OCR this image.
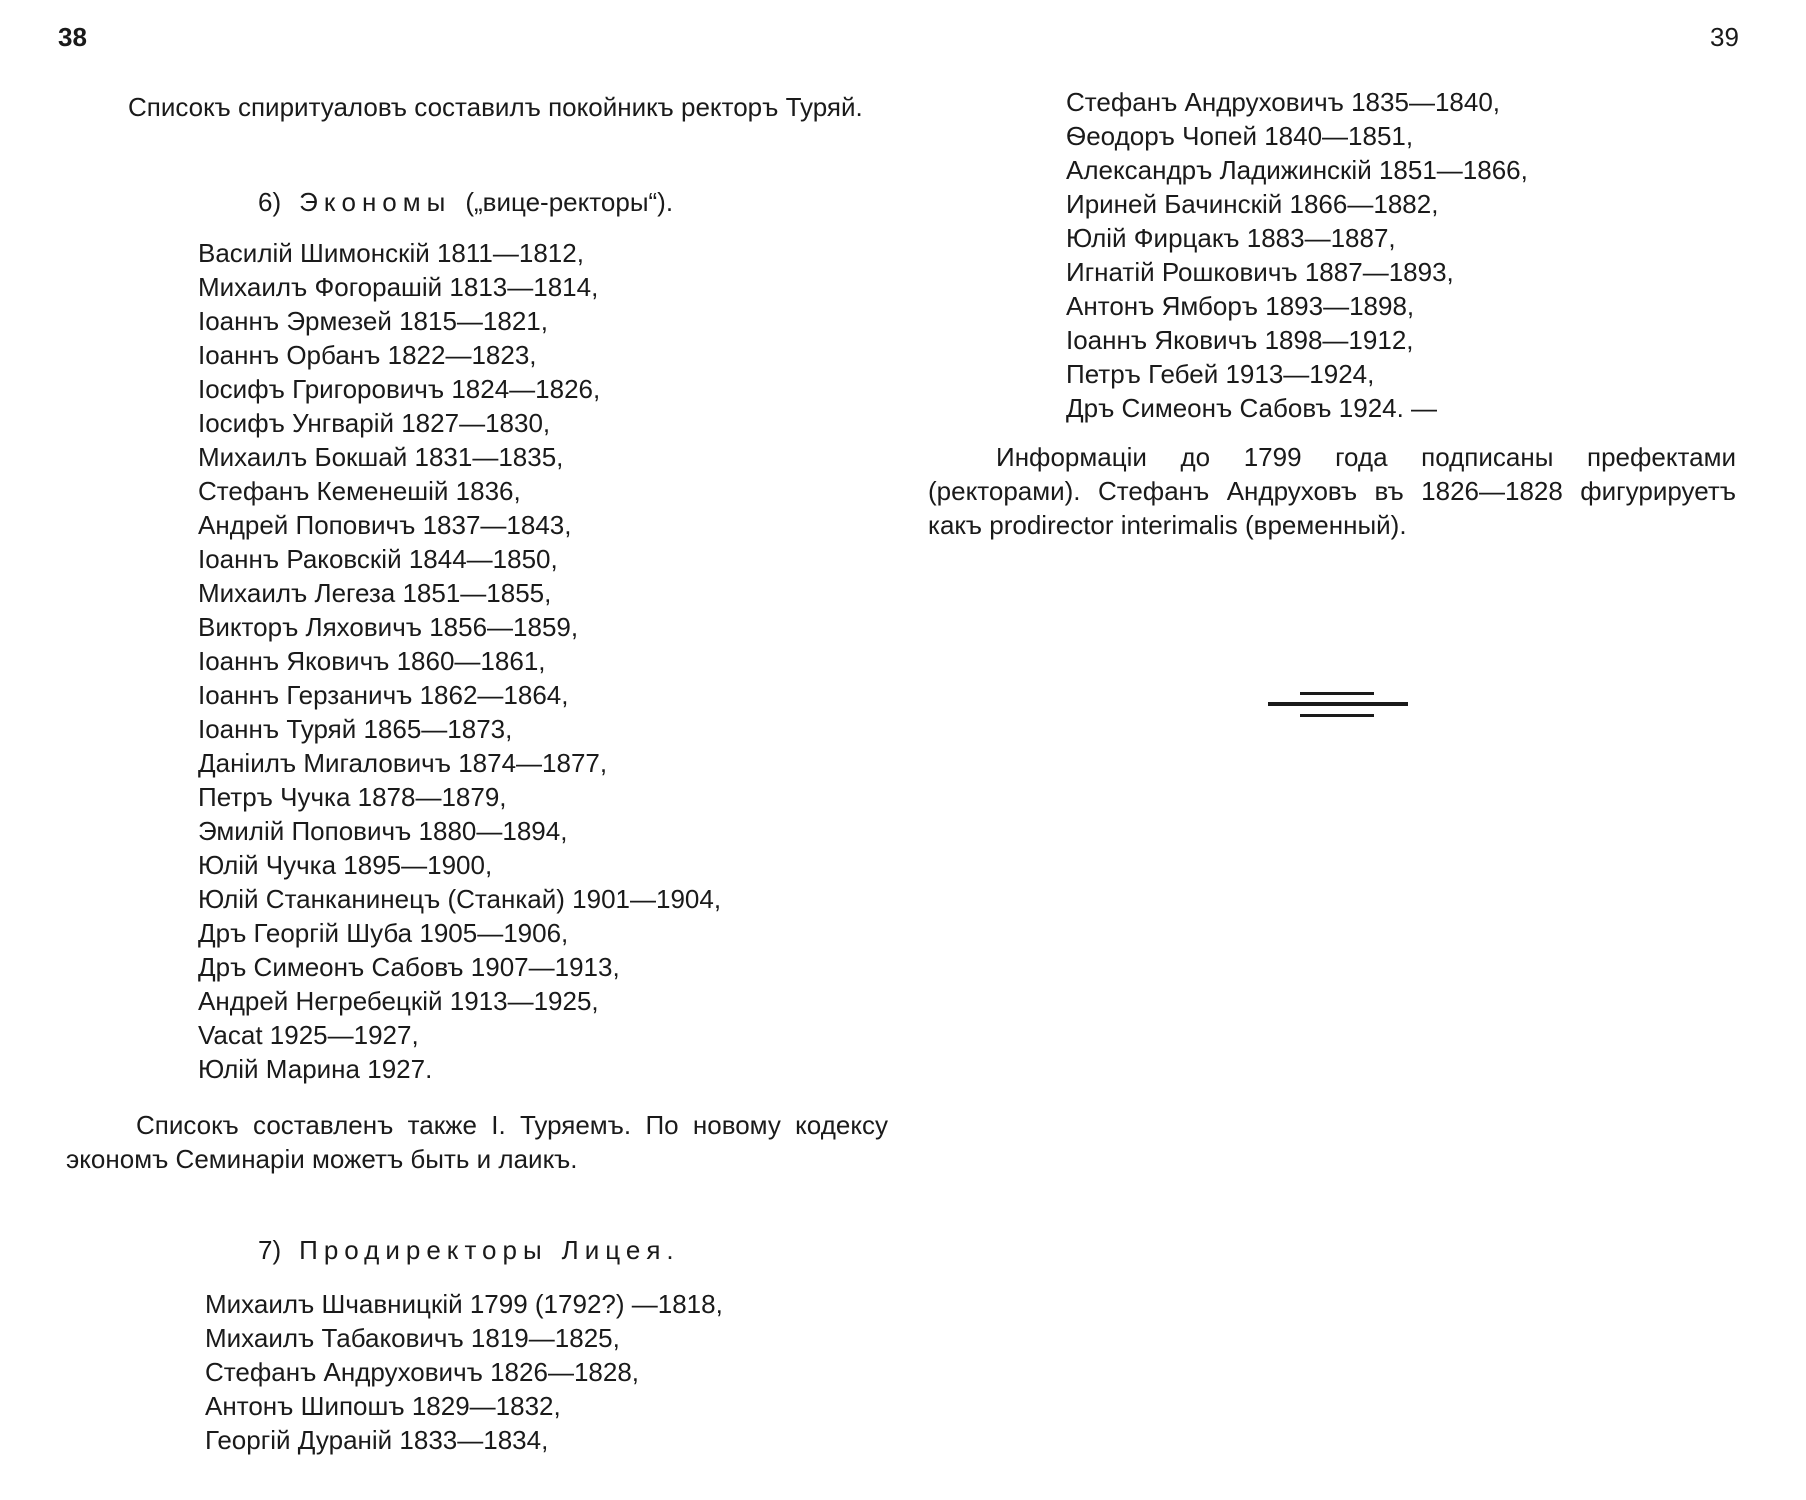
38	39

Списокъ спиритуаловъ составилъ покойникъ ректоръ Туряй.

6) Экономы („вице-ректоры“).
Василій Шимонскій 1811—1812,
Михаилъ Фогорашій 1813—1814,
Іоаннъ Эрмезей 1815—1821,
Іоаннъ Орбанъ 1822—1823,
Іосифъ Григоровичъ 1824—1826,
Іосифъ Унгварій 1827—1830,
Михаилъ Бокшай 1831—1835,
Стефанъ Кеменешій 1836,
Андрей Поповичъ 1837—1843,
Іоаннъ Раковскій 1844—1850,
Михаилъ Легеза 1851—1855,
Викторъ Ляховичъ 1856—1859,
Іоаннъ Яковичъ 1860—1861,
Іоаннъ Герзаничъ 1862—1864,
Іоаннъ Туряй 1865—1873,
Даніилъ Мигаловичъ 1874—1877,
Петръ Чучка 1878—1879,
Эмилій Поповичъ 1880—1894,
Юлій Чучка 1895—1900,
Юлій Станканинецъ (Станкай) 1901—1904,
Дръ Георгій Шуба 1905—1906,
Дръ Симеонъ Сабовъ 1907—1913,
Андрей Негребецкій 1913—1925,
Vacat 1925—1927,
Юлій Марина 1927.

Списокъ составленъ также І. Туряемъ. По новому кодексу экономъ Семинаріи можетъ быть и лаикъ.

7) Продиректоры Лицея.
Михаилъ Шчавницкій 1799 (1792?) —1818,
Михаилъ Табаковичъ 1819—1825,
Стефанъ Андруховичъ 1826—1828,
Антонъ Шипошъ 1829—1832,
Георгій Дураній 1833—1834,
Стефанъ Андруховичъ 1835—1840,
Ѳеодоръ Чопей 1840—1851,
Александръ Ладижинскій 1851—1866,
Ириней Бачинскій 1866—1882,
Юлій Фирцакъ 1883—1887,
Игнатій Рошковичъ 1887—1893,
Антонъ Ямборъ 1893—1898,
Іоаннъ Яковичъ 1898—1912,
Петръ Гебей 1913—1924,
Дръ Симеонъ Сабовъ 1924. —

Информаціи до 1799 года подписаны префектами (ректорами). Стефанъ Андруховъ въ 1826—1828 фигурируетъ какъ prodirector interimalis (временный).
